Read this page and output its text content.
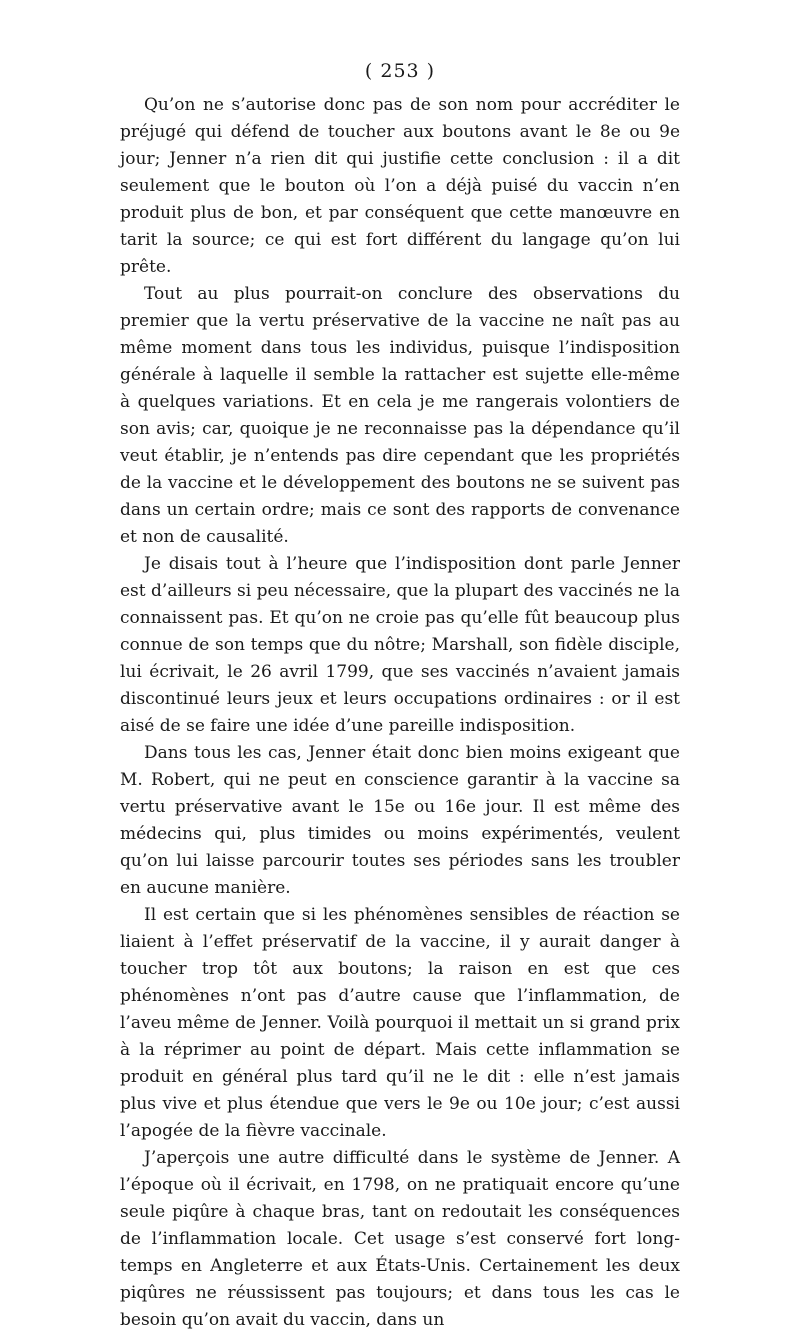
( 253 )

Qu’on ne s’autorise donc pas de son nom pour accréditer le préjugé qui défend de toucher aux boutons avant le 8e ou 9e jour; Jenner n’a rien dit qui justifie cette conclusion : il a dit seulement que le bouton où l’on a déjà puisé du vaccin n’en produit plus de bon, et par conséquent que cette manœuvre en tarit la source; ce qui est fort différent du langage qu’on lui prête.

Tout au plus pourrait-on conclure des observations du premier que la vertu préservative de la vaccine ne naît pas au même moment dans tous les individus, puisque l’indisposition générale à laquelle il semble la rattacher est sujette elle-même à quelques variations. Et en cela je me rangerais volontiers de son avis; car, quoique je ne reconnaisse pas la dépendance qu’il veut établir, je n’entends pas dire cependant que les propriétés de la vaccine et le développement des boutons ne se suivent pas dans un certain ordre; mais ce sont des rapports de convenance et non de causalité.

Je disais tout à l’heure que l’indisposition dont parle Jenner est d’ailleurs si peu nécessaire, que la plupart des vaccinés ne la connaissent pas. Et qu’on ne croie pas qu’elle fût beaucoup plus connue de son temps que du nôtre; Marshall, son fidèle disciple, lui écrivait, le 26 avril 1799, que ses vaccinés n’avaient jamais discontinué leurs jeux et leurs occupations ordinaires : or il est aisé de se faire une idée d’une pareille indisposition.

Dans tous les cas, Jenner était donc bien moins exigeant que M. Robert, qui ne peut en conscience garantir à la vaccine sa vertu préservative avant le 15e ou 16e jour. Il est même des médecins qui, plus timides ou moins expérimentés, veulent qu’on lui laisse parcourir toutes ses périodes sans les troubler en aucune manière.

Il est certain que si les phénomènes sensibles de réaction se liaient à l’effet préservatif de la vaccine, il y aurait danger à toucher trop tôt aux boutons; la raison en est que ces phénomènes n’ont pas d’autre cause que l’inflammation, de l’aveu même de Jenner. Voilà pourquoi il mettait un si grand prix à la réprimer au point de départ. Mais cette inflammation se produit en général plus tard qu’il ne le dit : elle n’est jamais plus vive et plus étendue que vers le 9e ou 10e jour; c’est aussi l’apogée de la fièvre vaccinale.

J’aperçois une autre difficulté dans le système de Jenner. A l’époque où il écrivait, en 1798, on ne pratiquait encore qu’une seule piqûre à chaque bras, tant on redoutait les conséquences de l’inflammation locale. Cet usage s’est conservé fort long-temps en Angleterre et aux États-Unis. Certainement les deux piqûres ne réussissent pas toujours; et dans tous les cas le besoin qu’on avait du vaccin, dans un
